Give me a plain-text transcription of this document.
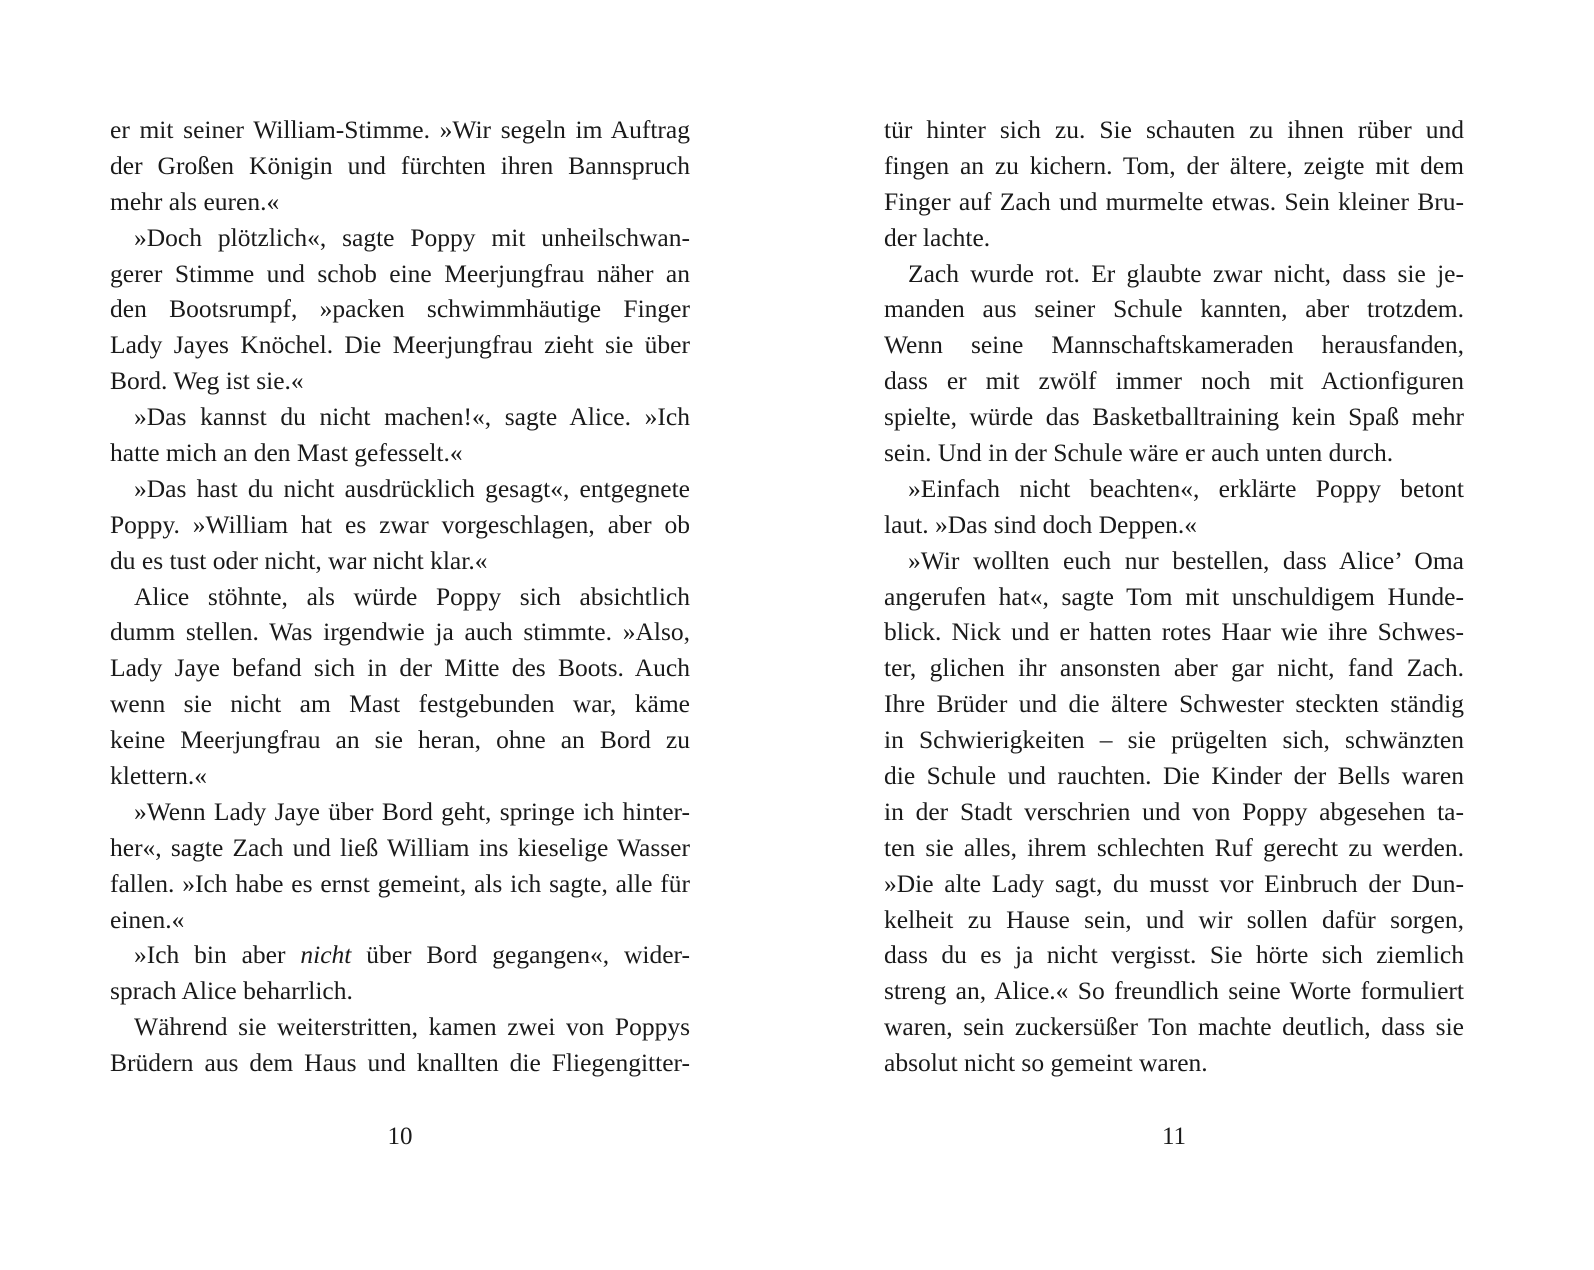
er mit seiner William-Stimme. »Wir segeln im Auftrag
der Großen Königin und fürchten ihren Bannspruch
mehr als euren.«
»Doch plötzlich«, sagte Poppy mit unheilschwan-
gerer Stimme und schob eine Meerjungfrau näher an
den Bootsrumpf, »packen schwimmhäutige Finger
Lady Jayes Knöchel. Die Meerjungfrau zieht sie über
Bord. Weg ist sie.«
»Das kannst du nicht machen!«, sagte Alice. »Ich
hatte mich an den Mast gefesselt.«
»Das hast du nicht ausdrücklich gesagt«, entgegnete
Poppy. »William hat es zwar vorgeschlagen, aber ob
du es tust oder nicht, war nicht klar.«
Alice stöhnte, als würde Poppy sich absichtlich
dumm stellen. Was irgendwie ja auch stimmte. »Also,
Lady Jaye befand sich in der Mitte des Boots. Auch
wenn sie nicht am Mast festgebunden war, käme
keine Meerjungfrau an sie heran, ohne an Bord zu
klettern.«
»Wenn Lady Jaye über Bord geht, springe ich hinter-
her«, sagte Zach und ließ William ins kieselige Wasser
fallen. »Ich habe es ernst gemeint, als ich sagte, alle für
einen.«
»Ich bin aber nicht über Bord gegangen«, wider-
sprach Alice beharrlich.
Während sie weiterstritten, kamen zwei von Poppys
Brüdern aus dem Haus und knallten die Fliegengitter-
tür hinter sich zu. Sie schauten zu ihnen rüber und
fingen an zu kichern. Tom, der ältere, zeigte mit dem
Finger auf Zach und murmelte etwas. Sein kleiner Bru-
der lachte.
Zach wurde rot. Er glaubte zwar nicht, dass sie je-
manden aus seiner Schule kannten, aber trotzdem.
Wenn seine Mannschaftskameraden herausfanden,
dass er mit zwölf immer noch mit Actionfiguren
spielte, würde das Basketballtraining kein Spaß mehr
sein. Und in der Schule wäre er auch unten durch.
»Einfach nicht beachten«, erklärte Poppy betont
laut. »Das sind doch Deppen.«
»Wir wollten euch nur bestellen, dass Alice’ Oma
angerufen hat«, sagte Tom mit unschuldigem Hunde-
blick. Nick und er hatten rotes Haar wie ihre Schwes-
ter, glichen ihr ansonsten aber gar nicht, fand Zach.
Ihre Brüder und die ältere Schwester steckten ständig
in Schwierigkeiten – sie prügelten sich, schwänzten
die Schule und rauchten. Die Kinder der Bells waren
in der Stadt verschrien und von Poppy abgesehen ta-
ten sie alles, ihrem schlechten Ruf gerecht zu werden.
»Die alte Lady sagt, du musst vor Einbruch der Dun-
kelheit zu Hause sein, und wir sollen dafür sorgen,
dass du es ja nicht vergisst. Sie hörte sich ziemlich
streng an, Alice.« So freundlich seine Worte formuliert
waren, sein zuckersüßer Ton machte deutlich, dass sie
absolut nicht so gemeint waren.
10	11
